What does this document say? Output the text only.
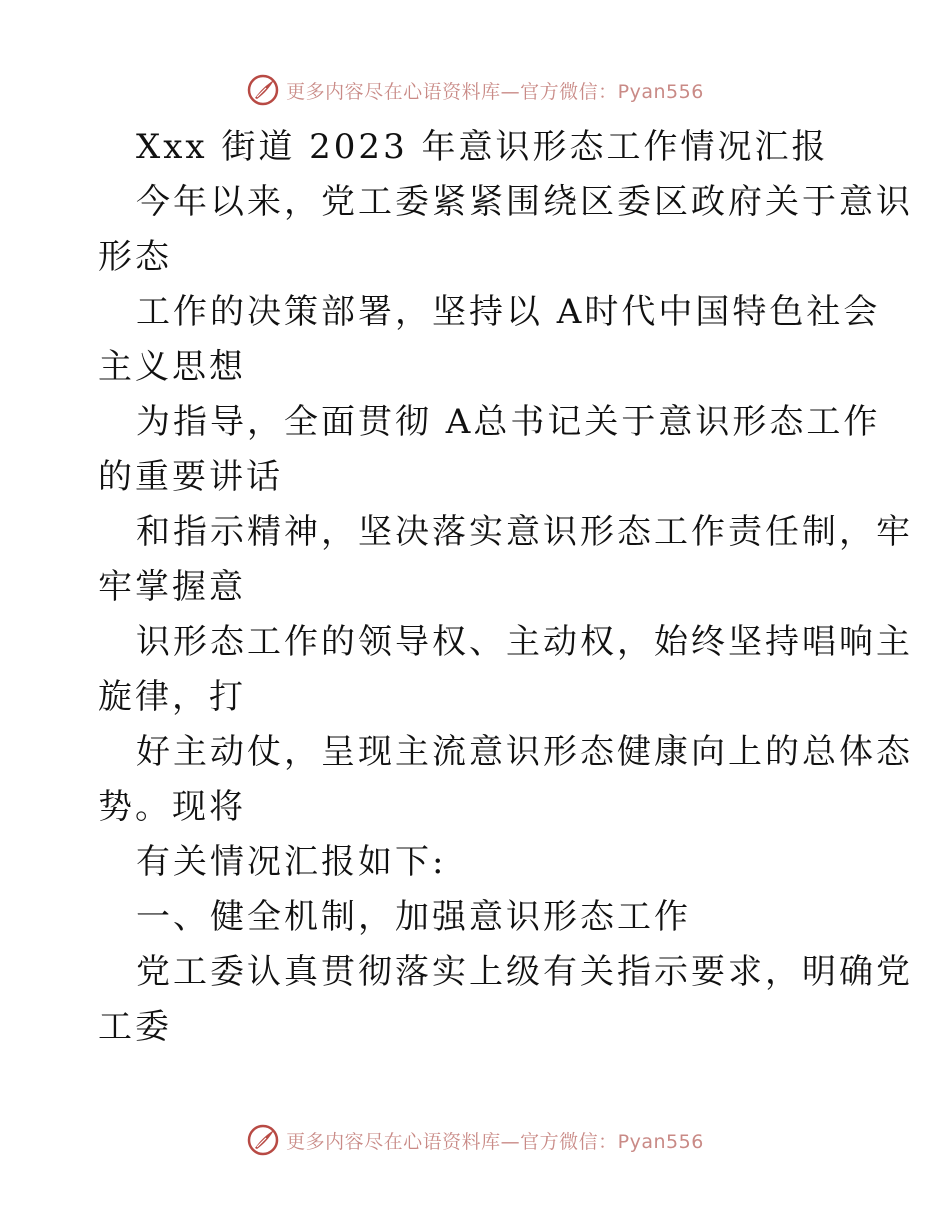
更多内容尽在心语资料库—官方微信：Pyan556
Xxx 街道 2023 年意识形态工作情况汇报
今年以来，党工委紧紧围绕区委区政府关于意识
形态
工作的决策部署，坚持以 A时代中国特色社会
主义思想
为指导，全面贯彻 A总书记关于意识形态工作
的重要讲话
和指示精神，坚决落实意识形态工作责任制，牢
牢掌握意
识形态工作的领导权、主动权，始终坚持唱响主
旋律，打
好主动仗，呈现主流意识形态健康向上的总体态
势。现将
有关情况汇报如下:
一、健全机制，加强意识形态工作
党工委认真贯彻落实上级有关指示要求，明确党
工委
更多内容尽在心语资料库—官方微信：Pyan556
